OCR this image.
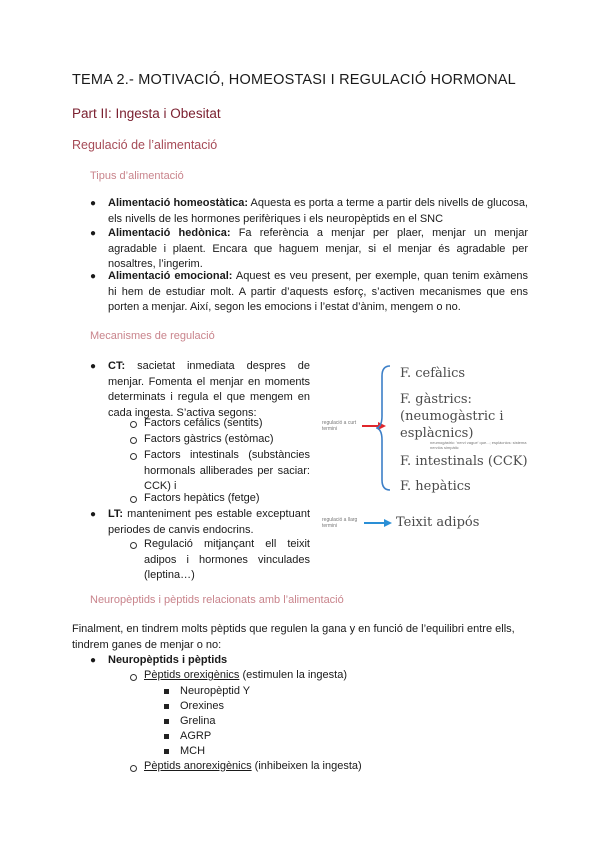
TEMA 2.- MOTIVACIÓ, HOMEOSTASI I REGULACIÓ HORMONAL
Part II: Ingesta i Obesitat
Regulació de l’alimentació
Tipus d’alimentació
● Alimentació homeostàtica: Aquesta es porta a terme a partir dels nivells de glucosa, els nivells de les hormones perifèriques i els neuropèptids en el SNC
● Alimentació hedònica: Fa referència a menjar per plaer, menjar un menjar agradable i plaent. Encara que haguem menjar, si el menjar és agradable per nosaltres, l’ingerim.
● Alimentació emocional: Aquest es veu present, per exemple, quan tenim exàmens hi hem de estudiar molt. A partir d’aquests esforç, s’activen mecanismes que ens porten a menjar. Així, segon les emocions i l’estat d’ànim, mengem o no.
Mecanismes de regulació
● CT: sacietat inmediata despres de menjar. Fomenta el menjar en moments determinats i regula el que mengem en cada ingesta. S’activa segons:
Factors cefálics (sentits)
Factors gàstrics (estòmac)
Factors intestinals (substàncies hormonals alliberades per saciar: CCK) i
Factors hepàtics (fetge)
● LT: manteniment pes estable exceptuant periodes de canvis endocrins.
Regulació mitjançant ell teixit adipos i hormones vinculades (leptina…)
regulació a curt termini
F. cefàlics
F. gàstrics:
(neumogàstric i
esplàcnics)
neumogàstric: 'nervi vague' que...; esplàcnics: sistema nerviós simpàtic
F. intestinals (CCK)
F. hepàtics
regulació a llarg termini	Teixit adipós
Neuropèptids i pèptids relacionats amb l’alimentació
Finalment, en tindrem molts pèptids que regulen la gana y en funció de l’equilibri entre ells, tindrem ganes de menjar o no:
● Neuropèptids i pèptids
Pèptids orexigènics (estimulen la ingesta)
Neuropèptid Y
Orexines
Grelina
AGRP
MCH
Pèptids anorexigènics (inhibeixen la ingesta)
